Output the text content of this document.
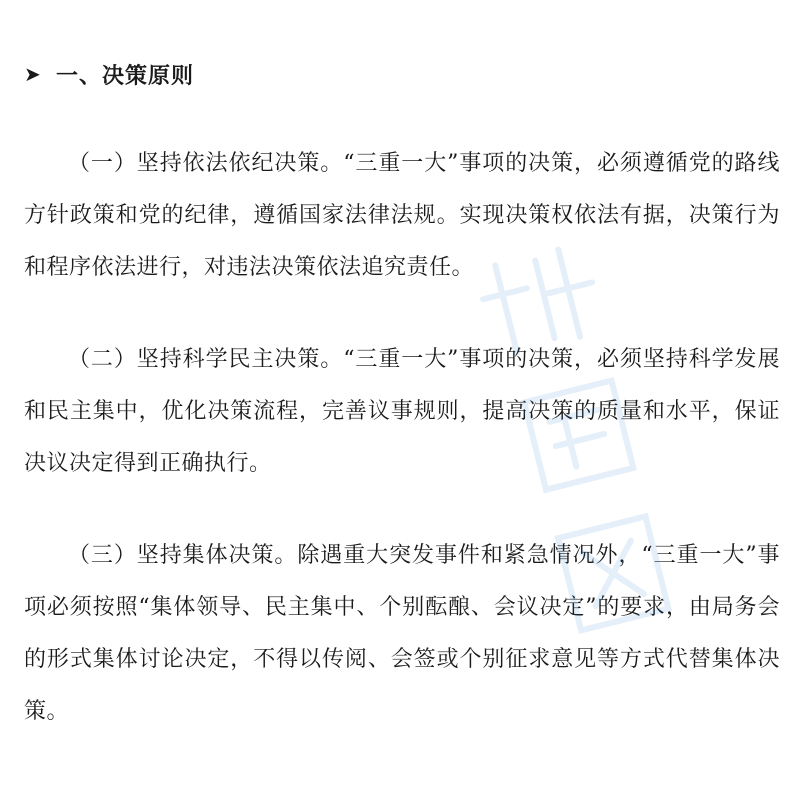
➤ 一、决策原则

（一）坚持依法依纪决策。“三重一大”事项的决策，必须遵循党的路线方针政策和党的纪律，遵循国家法律法规。实现决策权依法有据，决策行为和程序依法进行，对违法决策依法追究责任。

（二）坚持科学民主决策。“三重一大”事项的决策，必须坚持科学发展和民主集中，优化决策流程，完善议事规则，提高决策的质量和水平，保证决议决定得到正确执行。

（三）坚持集体决策。除遇重大突发事件和紧急情况外，“三重一大”事项必须按照“集体领导、民主集中、个别酝酿、会议决定”的要求，由局务会的形式集体讨论决定，不得以传阅、会签或个别征求意见等方式代替集体决策。
